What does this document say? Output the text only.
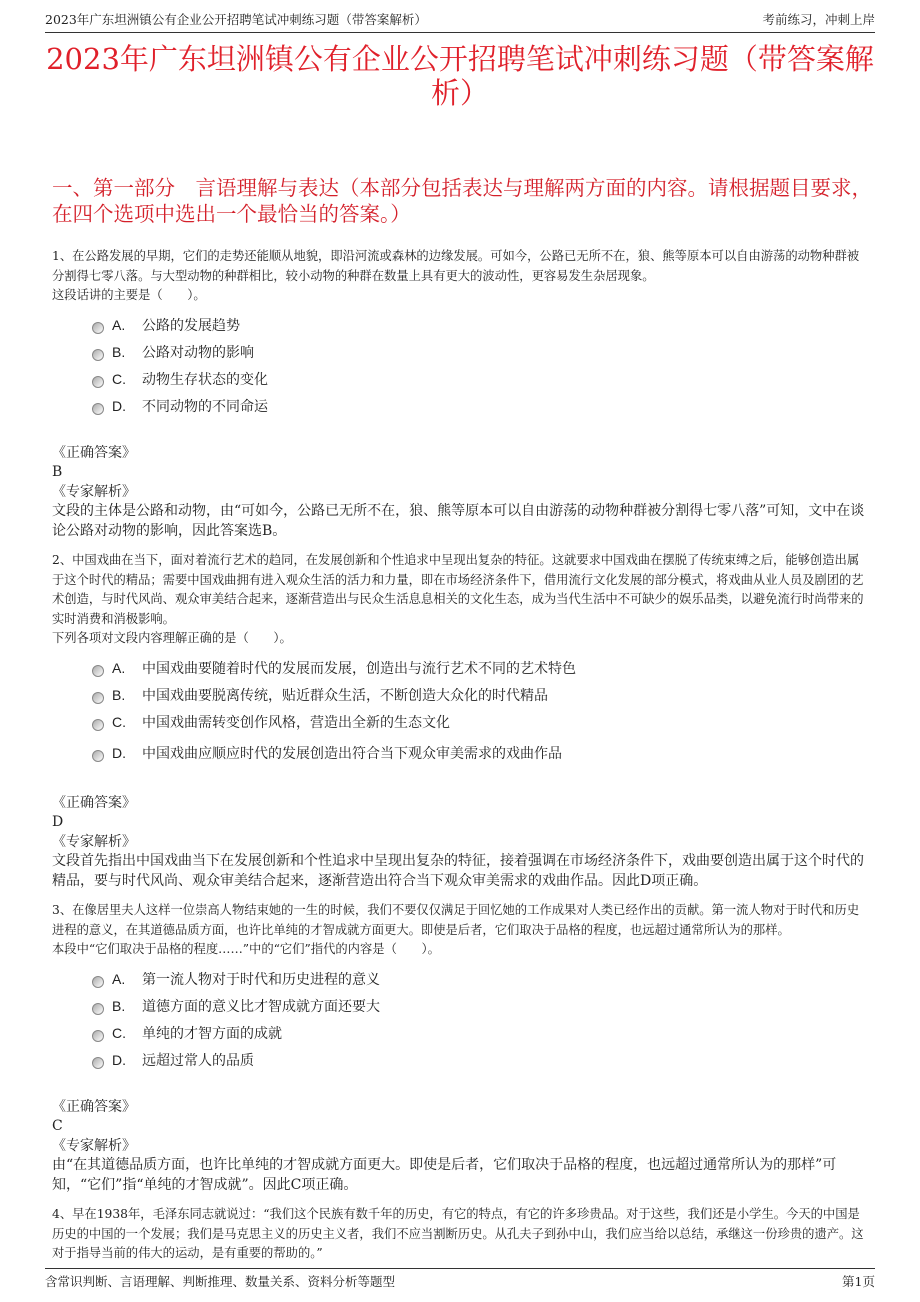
2023年广东坦洲镇公有企业公开招聘笔试冲刺练习题（带答案解析）	考前练习，冲刺上岸
2023年广东坦洲镇公有企业公开招聘笔试冲刺练习题（带答案解析）
一、第一部分　言语理解与表达（本部分包括表达与理解两方面的内容。请根据题目要求，在四个选项中选出一个最恰当的答案。）
www.zixin.com.cn

1、在公路发展的早期，它们的走势还能顺从地貌，即沿河流或森林的边缘发展。可如今，公路已无所不在，狼、熊等原本可以自由游荡的动物种群被分割得七零八落。与大型动物的种群相比，较小动物的种群在数量上具有更大的波动性，更容易发生杂居现象。

这段话讲的主要是（　　）。

A.	公路的发展趋势
B.	公路对动物的影响
C.	动物生存状态的变化
D.	不同动物的不同命运
《正确答案》
B
《专家解析》
文段的主体是公路和动物，由“可如今，公路已无所不在，狼、熊等原本可以自由游荡的动物种群被分割得七零八落”可知，文中在谈论公路对动物的影响，因此答案选B。

2、中国戏曲在当下，面对着流行艺术的趋同，在发展创新和个性追求中呈现出复杂的特征。这就要求中国戏曲在摆脱了传统束缚之后，能够创造出属于这个时代的精品；需要中国戏曲拥有进入观众生活的活力和力量，即在市场经济条件下，借用流行文化发展的部分模式，将戏曲从业人员及剧团的艺术创造，与时代风尚、观众审美结合起来，逐渐营造出与民众生活息息相关的文化生态，成为当代生活中不可缺少的娱乐品类，以避免流行时尚带来的实时消费和消极影响。

下列各项对文段内容理解正确的是（　　）。

A.	中国戏曲要随着时代的发展而发展，创造出与流行艺术不同的艺术特色
B.	中国戏曲要脱离传统，贴近群众生活，不断创造大众化的时代精品
C.	中国戏曲需转变创作风格，营造出全新的生态文化
D.	中国戏曲应顺应时代的发展创造出符合当下观众审美需求的戏曲作品
《正确答案》
D
《专家解析》
文段首先指出中国戏曲当下在发展创新和个性追求中呈现出复杂的特征，接着强调在市场经济条件下，戏曲要创造出属于这个时代的精品，要与时代风尚、观众审美结合起来，逐渐营造出符合当下观众审美需求的戏曲作品。因此D项正确。

3、在像居里夫人这样一位崇高人物结束她的一生的时候，我们不要仅仅满足于回忆她的工作成果对人类已经作出的贡献。第一流人物对于时代和历史进程的意义，在其道德品质方面，也许比单纯的才智成就方面更大。即使是后者，它们取决于品格的程度，也远超过通常所认为的那样。

本段中“它们取决于品格的程度……”中的“它们”指代的内容是（　　）。

A.	第一流人物对于时代和历史进程的意义
B.	道德方面的意义比才智成就方面还要大
C.	单纯的才智方面的成就
D.	远超过常人的品质
《正确答案》
C
《专家解析》
由“在其道德品质方面，也许比单纯的才智成就方面更大。即使是后者，它们取决于品格的程度，也远超过通常所认为的那样”可知，“它们”指“单纯的才智成就”。因此C项正确。

4、早在1938年，毛泽东同志就说过：“我们这个民族有数千年的历史，有它的特点，有它的许多珍贵品。对于这些，我们还是小学生。今天的中国是历史的中国的一个发展；我们是马克思主义的历史主义者，我们不应当割断历史。从孔夫子到孙中山，我们应当给以总结，承继这一份珍贵的遗产。这对于指导当前的伟大的运动，是有重要的帮助的。”

含常识判断、言语理解、判断推理、数量关系、资料分析等题型	第1页
